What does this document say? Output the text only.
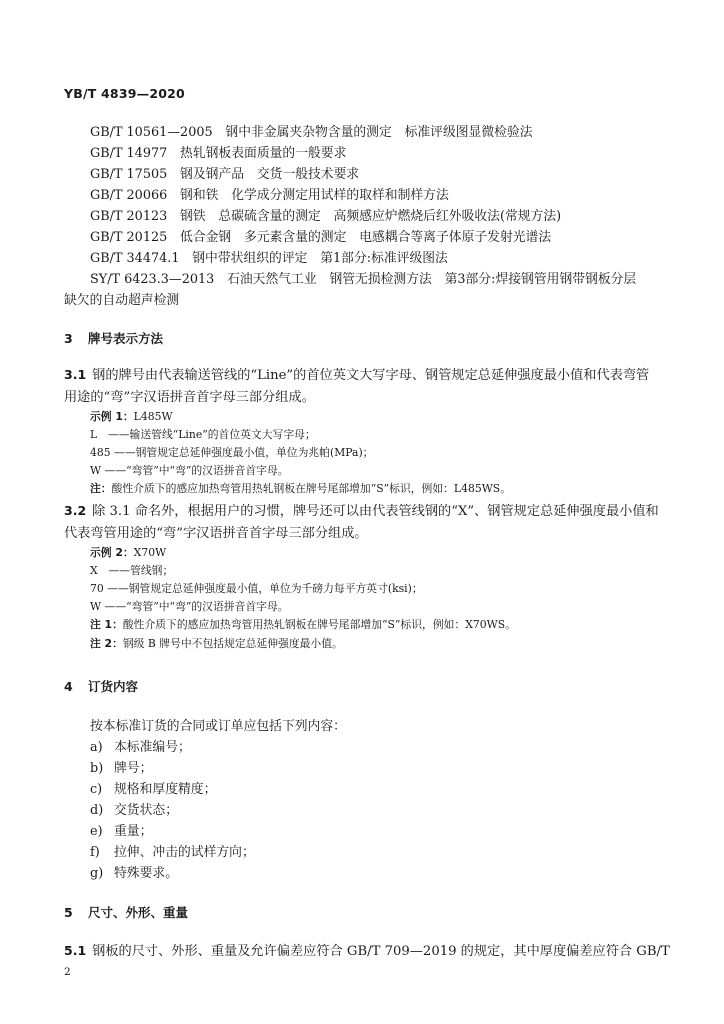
YB/T 4839—2020
GB/T 10561—2005　钢中非金属夹杂物含量的测定　标准评级图显微检验法
GB/T 14977　热轧钢板表面质量的一般要求
GB/T 17505　钢及钢产品　交货一般技术要求
GB/T 20066　钢和铁　化学成分测定用试样的取样和制样方法
GB/T 20123　钢铁　总碳硫含量的测定　高频感应炉燃烧后红外吸收法(常规方法)
GB/T 20125　低合金钢　多元素含量的测定　电感耦合等离子体原子发射光谱法
GB/T 34474.1　钢中带状组织的评定　第1部分:标准评级图法
SY/T 6423.3—2013　石油天然气工业　钢管无损检测方法　第3部分:焊接钢管用钢带钢板分层
缺欠的自动超声检测
3 牌号表示方法
3.1 钢的牌号由代表输送管线的“Line”的首位英文大写字母、钢管规定总延伸强度最小值和代表弯管
用途的“弯”字汉语拼音首字母三部分组成。
示例 1：L485W
L　——输送管线“Line”的首位英文大写字母；
485 ——钢管规定总延伸强度最小值，单位为兆帕(MPa)；
W ——“弯管”中“弯”的汉语拼音首字母。
注：酸性介质下的感应加热弯管用热轧钢板在牌号尾部增加“S”标识，例如：L485WS。
3.2 除 3.1 命名外，根据用户的习惯，牌号还可以由代表管线钢的“X”、钢管规定总延伸强度最小值和
代表弯管用途的“弯”字汉语拼音首字母三部分组成。
示例 2：X70W
X　——管线钢；
70 ——钢管规定总延伸强度最小值，单位为千磅力每平方英寸(ksi)；
W ——“弯管”中“弯”的汉语拼音首字母。
注 1：酸性介质下的感应加热弯管用热轧钢板在牌号尾部增加“S”标识，例如：X70WS。
注 2：钢级 B 牌号中不包括规定总延伸强度最小值。
4 订货内容
按本标准订货的合同或订单应包括下列内容：
a) 本标准编号；
b) 牌号；
c) 规格和厚度精度；
d) 交货状态；
e) 重量；
f) 拉伸、冲击的试样方向；
g) 特殊要求。
5 尺寸、外形、重量
5.1 钢板的尺寸、外形、重量及允许偏差应符合 GB/T 709—2019 的规定，其中厚度偏差应符合 GB/T
2
